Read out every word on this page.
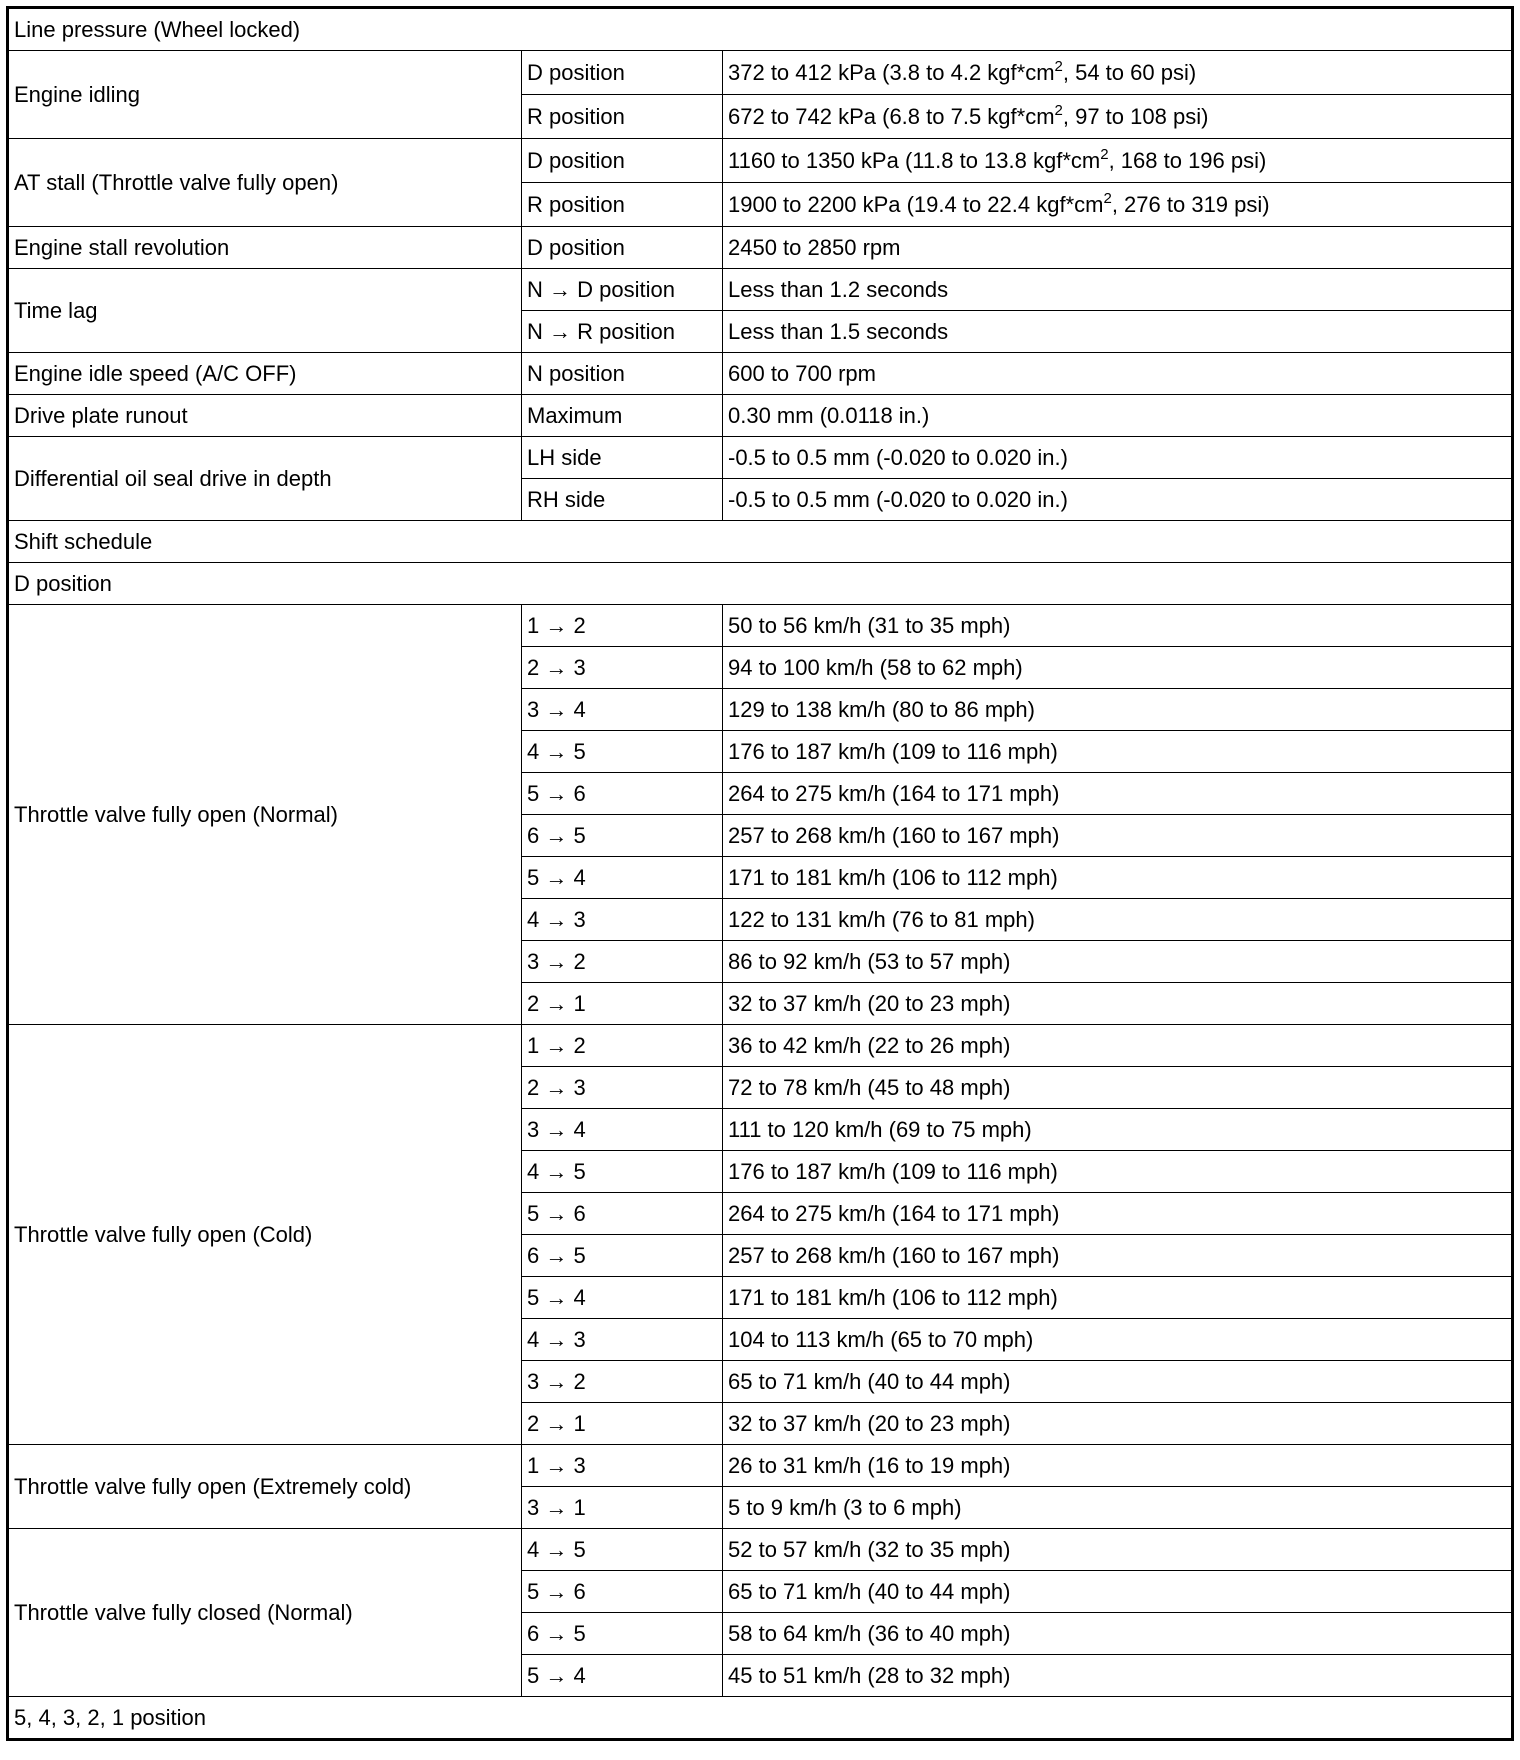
Line pressure (Wheel locked)		
Engine idling	D position	372 to 412 kPa (3.8 to 4.2 $kgf*cm^2$, 54 to 60 psi)
	R position	672 to 742 kPa (6.8 to 7.5 $kgf*cm^2$, 97 to 108 psi)
AT stall (Throttle valve fully open)	D position	1160 to 1350 kPa (11.8 to 13.8 $kgf*cm^2$, 168 to 196 psi)
	R position	1900 to 2200 kPa (19.4 to 22.4 $kgf*cm^2$, 276 to 319 psi)
Engine stall revolution	D position	2450 to 2850 rpm
Time lag	N → D position	Less than 1.2 seconds
	N → R position	Less than 1.5 seconds
Engine idle speed (A/C OFF)	N position	600 to 700 rpm
Drive plate runout	Maximum	0.30 mm (0.0118 in.)
Differential oil seal drive in depth	LH side	-0.5 to 0.5 mm (-0.020 to 0.020 in.)
	RH side	-0.5 to 0.5 mm (-0.020 to 0.020 in.)
Shift schedule		
D position		
Throttle valve fully open (Normal)	1 → 2	50 to 56 km/h (31 to 35 mph)
	2 → 3	94 to 100 km/h (58 to 62 mph)
	3 → 4	129 to 138 km/h (80 to 86 mph)
	4 → 5	176 to 187 km/h (109 to 116 mph)
	5 → 6	264 to 275 km/h (164 to 171 mph)
	6 → 5	257 to 268 km/h (160 to 167 mph)
	5 → 4	171 to 181 km/h (106 to 112 mph)
	4 → 3	122 to 131 km/h (76 to 81 mph)
	3 → 2	86 to 92 km/h (53 to 57 mph)
	2 → 1	32 to 37 km/h (20 to 23 mph)
Throttle valve fully open (Cold)	1 → 2	36 to 42 km/h (22 to 26 mph)
	2 → 3	72 to 78 km/h (45 to 48 mph)
	3 → 4	111 to 120 km/h (69 to 75 mph)
	4 → 5	176 to 187 km/h (109 to 116 mph)
	5 → 6	264 to 275 km/h (164 to 171 mph)
	6 → 5	257 to 268 km/h (160 to 167 mph)
	5 → 4	171 to 181 km/h (106 to 112 mph)
	4 → 3	104 to 113 km/h (65 to 70 mph)
	3 → 2	65 to 71 km/h (40 to 44 mph)
	2 → 1	32 to 37 km/h (20 to 23 mph)
Throttle valve fully open (Extremely cold)	1 → 3	26 to 31 km/h (16 to 19 mph)
	3 → 1	5 to 9 km/h (3 to 6 mph)
Throttle valve fully closed (Normal)	4 → 5	52 to 57 km/h (32 to 35 mph)
	5 → 6	65 to 71 km/h (40 to 44 mph)
	6 → 5	58 to 64 km/h (36 to 40 mph)
	5 → 4	45 to 51 km/h (28 to 32 mph)
5, 4, 3, 2, 1 position		
